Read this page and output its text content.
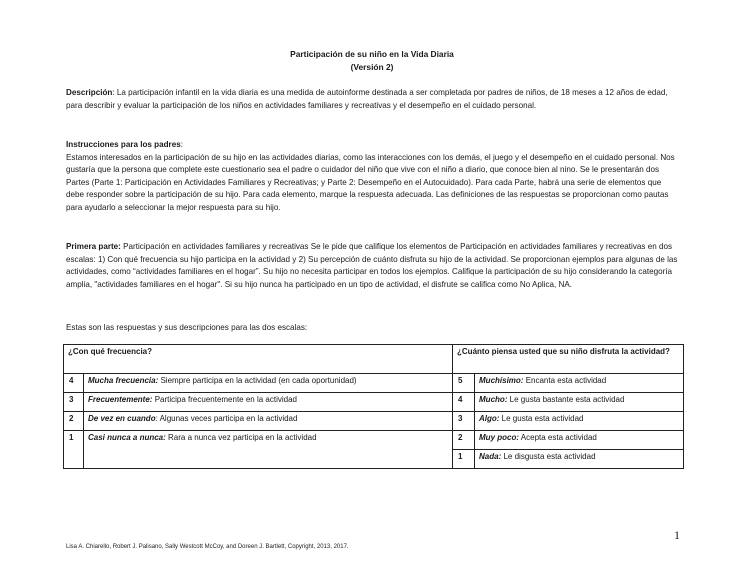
Participación de su niño en la Vida Diaria
(Versión 2)

Descripción: La participación infantil en la vida diaria es una medida de autoinforme destinada a ser completada por padres de niños, de 18 meses a 12 años de edad, para describir y evaluar la participación de los niños en actividades familiares y recreativas y el desempeño en el cuidado personal.

Instrucciones para los padres:
Estamos interesados en la participación de su hijo en las actividades diarias, como las interacciones con los demás, el juego y el desempeño en el cuidado personal. Nos gustaría que la persona que complete este cuestionario sea el padre o cuidador del niño que vive con el niño a diario, que conoce bien al nino. Se le presentarán dos Partes (Parte 1: Participación en Actividades Familiares y Recreativas; y Parte 2: Desempeño en el Autocuidado). Para cada Parte, habrá una serie de elementos que debe responder sobre la participación de su hijo. Para cada elemento, marque la respuesta adecuada. Las definiciones de las respuestas se proporcionan como pautas para ayudarlo a seleccionar la mejor respuesta para su hijo.

Primera parte: Participación en actividades familiares y recreativas Se le pide que califique los elementos de Participación en actividades familiares y recreativas en dos escalas: 1) Con qué frecuencia su hijo participa en la actividad y 2) Su percepción de cuánto disfruta su hijo de la actividad. Se proporcionan ejemplos para algunas de las actividades, como “actividades familiares en el hogar”. Su hijo no necesita participar en todos los ejemplos. Califique la participación de su hijo considerando la categoría amplia, "actividades familiares en el hogar". Si su hijo nunca ha participado en un tipo de actividad, el disfrute se califica como No Aplica, NA.

Estas son las respuestas y sus descripciones para las dos escalas:

¿Con qué frecuencia?		¿Cuánto piensa usted que su niño disfruta la actividad?	
4	Mucha frecuencia: Siempre participa en la actividad (en cada oportunidad)	5	Muchísimo: Encanta esta actividad
3	Frecuentemente: Participa frecuentemente en la actividad	4	Mucho: Le gusta bastante esta actividad
2	De vez en cuando: Algunas veces participa en la actividad	3	Algo: Le gusta esta actividad
1	Casi nunca a nunca: Rara a nunca vez participa en la actividad	2	Muy poco: Acepta esta actividad
		1	Nada: Le disgusta esta actividad
1
Lisa A. Chiarello, Robert J. Palisano, Sally Westcott McCoy, and Doreen J. Bartlett, Copyright, 2013, 2017.
